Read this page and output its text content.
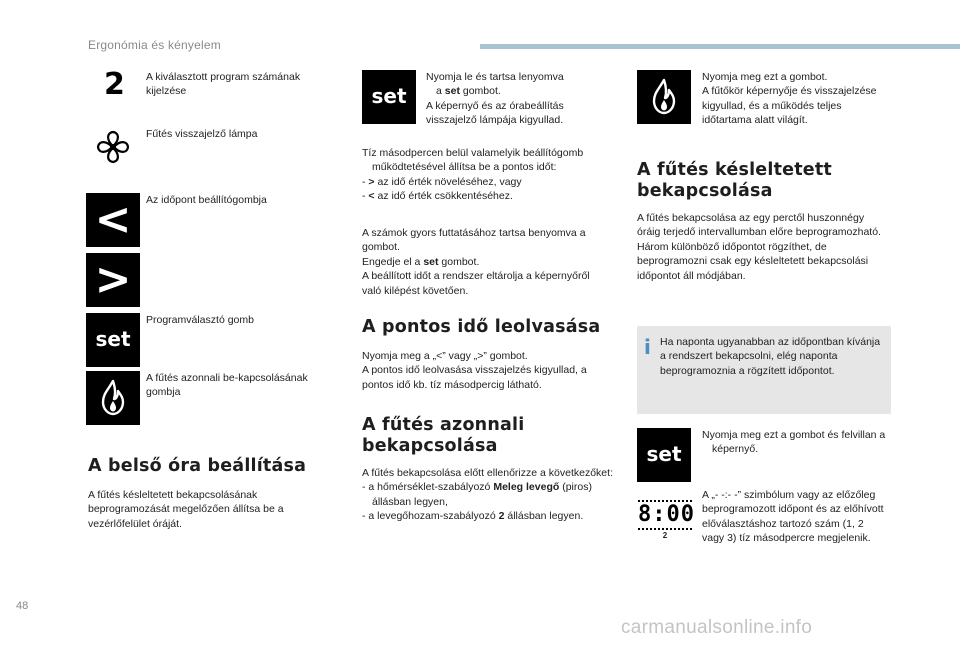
Ergonómia és kényelem
2 A kiválasztott program számának kijelzése
Fűtés visszajelző lámpa
< Az időpont beállítógombja
>
set
Programválasztó gomb
A fűtés azonnali be-kapcsolásának gombja
A belső óra beállítása
A fűtés késleltetett bekapcsolásának beprogramozását megelőzően állítsa be a vezérlőfelület óráját.
set
Nyomja le és tartsa lenyomva
a set gombot.
A képernyő és az órabeállítás visszajelző lámpája kigyullad.
Tíz másodpercen belül valamelyik beállítógomb működtetésével állítsa be a pontos időt:
- > az idő érték növeléséhez, vagy
- < az idő érték csökkentéséhez.
A számok gyors futtatásához tartsa benyomva a gombot.
Engedje el a set gombot.
A beállított időt a rendszer eltárolja a képernyőről való kilépést követően.
A pontos idő leolvasása
Nyomja meg a „<” vagy „>” gombot.
A pontos idő leolvasása visszajelzés kigyullad, a pontos idő kb. tíz másodpercig látható.
A fűtés azonnali bekapcsolása
A fűtés bekapcsolása előtt ellenőrizze a következőket:
- a hőmérséklet-szabályozó Meleg levegő (piros) állásban legyen,
- a levegőhozam-szabályozó 2 állásban legyen.
Nyomja meg ezt a gombot.
A fűtőkör képernyője és visszajelzése kigyullad, és a működés teljes időtartama alatt világít.
A fűtés késleltetett bekapcsolása
A fűtés bekapcsolása az egy perctől huszonnégy óráig terjedő intervallumban előre beprogramozható.
Három különböző időpontot rögzíthet, de beprogramozni csak egy késleltetett bekapcsolási időpontot áll módjában.
i Ha naponta ugyanabban az időpontban kívánja a rendszert bekapcsolni, elég naponta beprogramoznia a rögzített időpontot.
set
Nyomja meg ezt a gombot és felvillan a képernyő.
8:00
2
A „- -:- -” szimbólum vagy az előzőleg beprogramozott időpont és az előhívott előválasztáshoz tartozó szám (1, 2 vagy 3) tíz másodpercre megjelenik.
48
carmanualsonline.info
